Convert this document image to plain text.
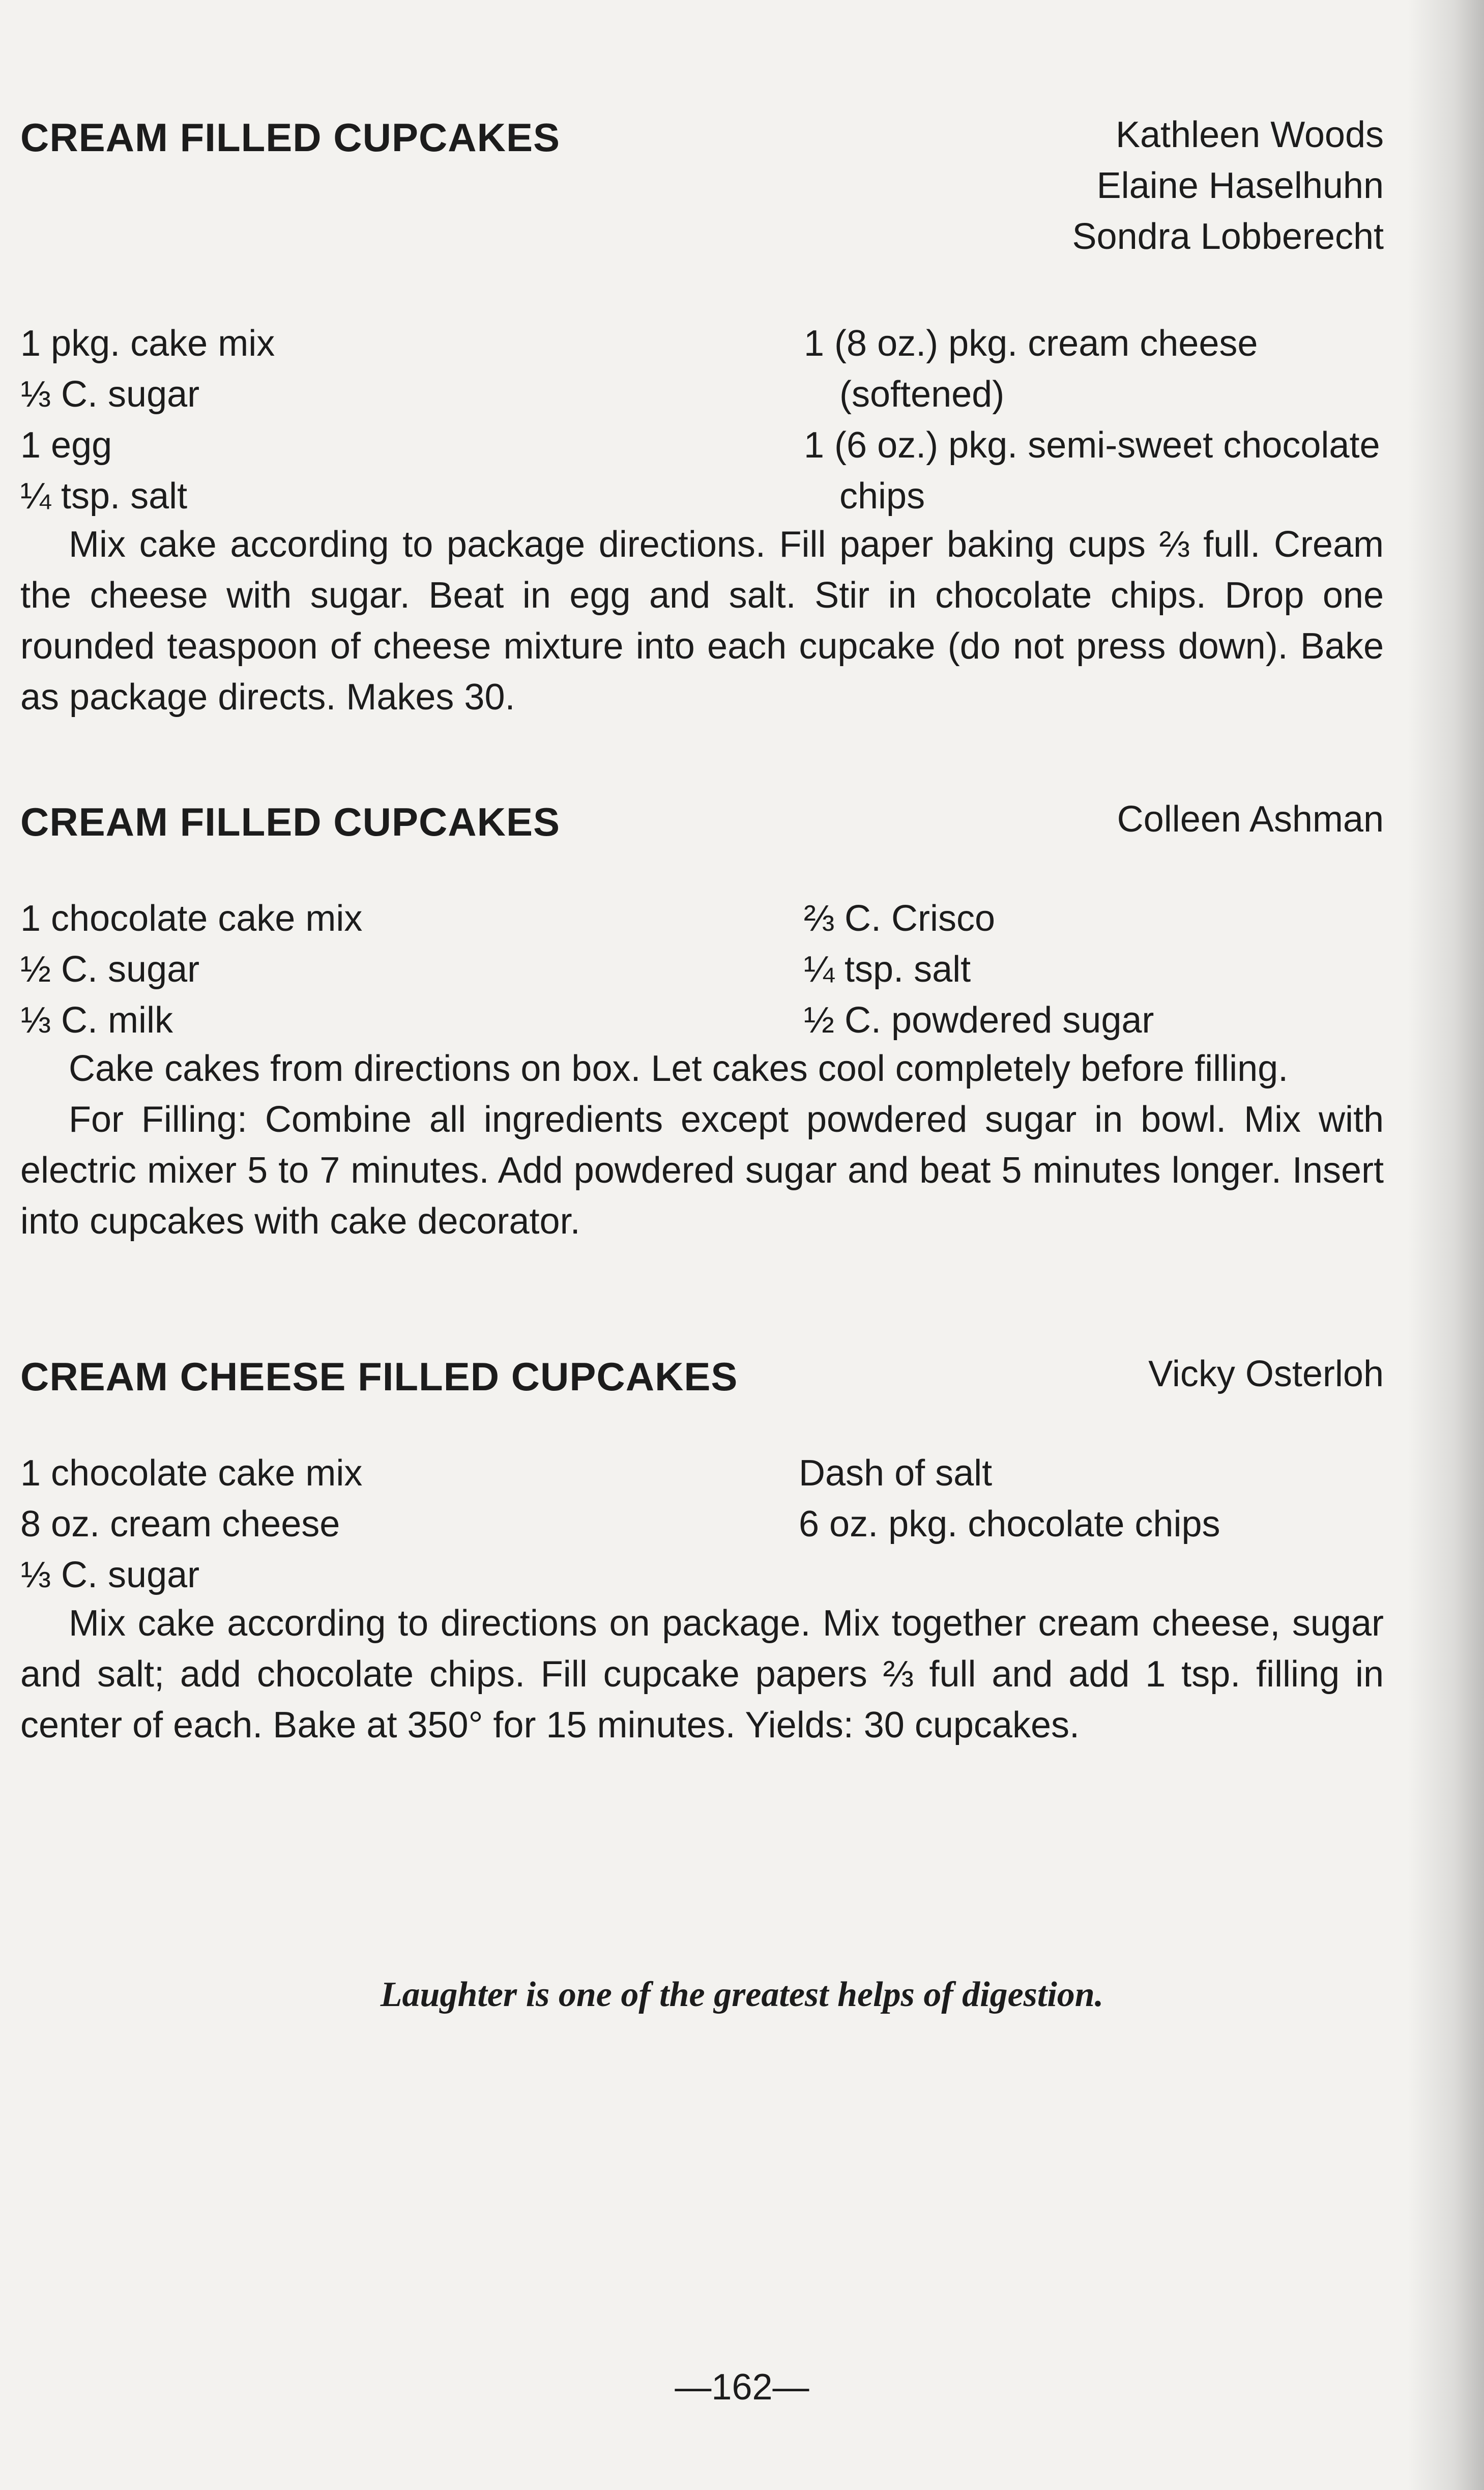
CREAM FILLED CUPCAKES	Kathleen Woods
Elaine Haselhuhn
Sondra Lobberecht
1 pkg. cake mix
⅓ C. sugar
1 egg
¼ tsp. salt
1 (8 oz.) pkg. cream cheese
(softened)
1 (6 oz.) pkg. semi-sweet chocolate
chips

Mix cake according to package directions. Fill paper baking cups ⅔ full. Cream the cheese with sugar. Beat in egg and salt. Stir in chocolate chips. Drop one rounded teaspoon of cheese mixture into each cupcake (do not press down). Bake as package directs. Makes 30.

CREAM FILLED CUPCAKES	Colleen Ashman
1 chocolate cake mix
½ C. sugar
⅓ C. milk
⅔ C. Crisco
¼ tsp. salt
½ C. powdered sugar

Cake cakes from directions on box. Let cakes cool completely before filling.

For Filling: Combine all ingredients except powdered sugar in bowl. Mix with electric mixer 5 to 7 minutes. Add powdered sugar and beat 5 minutes longer. Insert into cupcakes with cake decorator.

CREAM CHEESE FILLED CUPCAKES	Vicky Osterloh
1 chocolate cake mix
8 oz. cream cheese
⅓ C. sugar
Dash of salt
6 oz. pkg. chocolate chips

Mix cake according to directions on package. Mix together cream cheese, sugar and salt; add chocolate chips. Fill cupcake papers ⅔ full and add 1 tsp. filling in center of each. Bake at 350° for 15 minutes. Yields: 30 cupcakes.

Laughter is one of the greatest helps of digestion.
—162—
